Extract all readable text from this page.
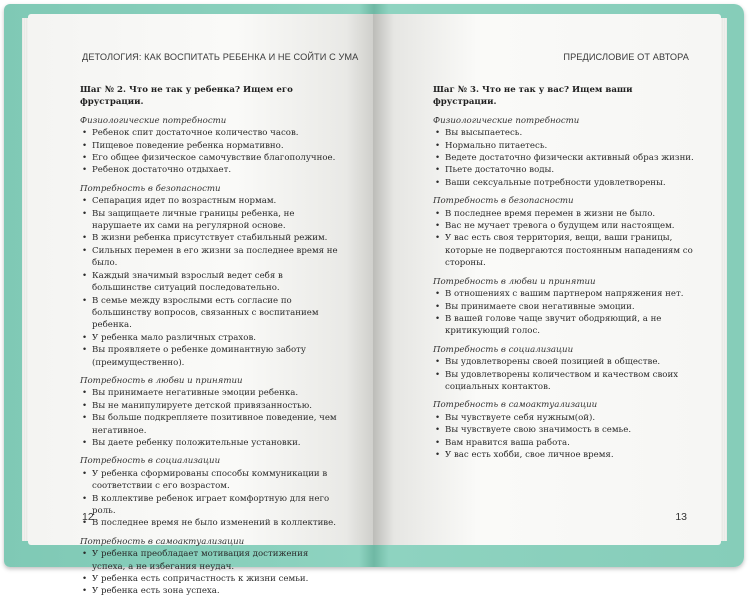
ДЕТОЛОГИЯ: КАК ВОСПИТАТЬ РЕБЕНКА И НЕ СОЙТИ С УМА
Шаг № 2. Что не так у ребенка? Ищем его фрустрации.
Физиологические потребности
• Ребенок спит достаточное количество часов.
• Пищевое поведение ребенка нормативно.
• Его общее физическое самочувствие благополучное.
• Ребенок достаточно отдыхает.
Потребность в безопасности
• Сепарация идет по возрастным нормам.
• Вы защищаете личные границы ребенка, не нарушаете их сами на регулярной основе.
• В жизни ребенка присутствует стабильный режим.
• Сильных перемен в его жизни за последнее время не было.
• Каждый значимый взрослый ведет себя в большинстве ситуаций последовательно.
• В семье между взрослыми есть согласие по большинству вопросов, связанных с воспитанием ребенка.
• У ребенка мало различных страхов.
• Вы проявляете о ребенке доминантную заботу (преимущественно).
Потребность в любви и принятии
• Вы принимаете негативные эмоции ребенка.
• Вы не манипулируете детской привязанностью.
• Вы больше подкрепляете позитивное поведение, чем негативное.
• Вы даете ребенку положительные установки.
Потребность в социализации
• У ребенка сформированы способы коммуникации в соответствии с его возрастом.
• В коллективе ребенок играет комфортную для него роль.
• В последнее время не было изменений в коллективе.
Потребность в самоактуализации
• У ребенка преобладает мотивация достижения успеха, а не избегания неудач.
• У ребенка есть сопричастность к жизни семьи.
• У ребенка есть зона успеха.
12
ПРЕДИСЛОВИЕ ОТ АВТОРА
Шаг № 3. Что не так у вас? Ищем ваши фрустрации.
Физиологические потребности
• Вы высыпаетесь.
• Нормально питаетесь.
• Ведете достаточно физически активный образ жизни.
• Пьете достаточно воды.
• Ваши сексуальные потребности удовлетворены.
Потребность в безопасности
• В последнее время перемен в жизни не было.
• Вас не мучает тревога о будущем или настоящем.
• У вас есть своя территория, вещи, ваши границы, которые не подвергаются постоянным нападениям со стороны.
Потребность в любви и принятии
• В отношениях с вашим партнером напряжения нет.
• Вы принимаете свои негативные эмоции.
• В вашей голове чаще звучит ободряющий, а не критикующий голос.
Потребность в социализации
• Вы удовлетворены своей позицией в обществе.
• Вы удовлетворены количеством и качеством своих социальных контактов.
Потребность в самоактуализации
• Вы чувствуете себя нужным(ой).
• Вы чувствуете свою значимость в семье.
• Вам нравится ваша работа.
• У вас есть хобби, свое личное время.
13
